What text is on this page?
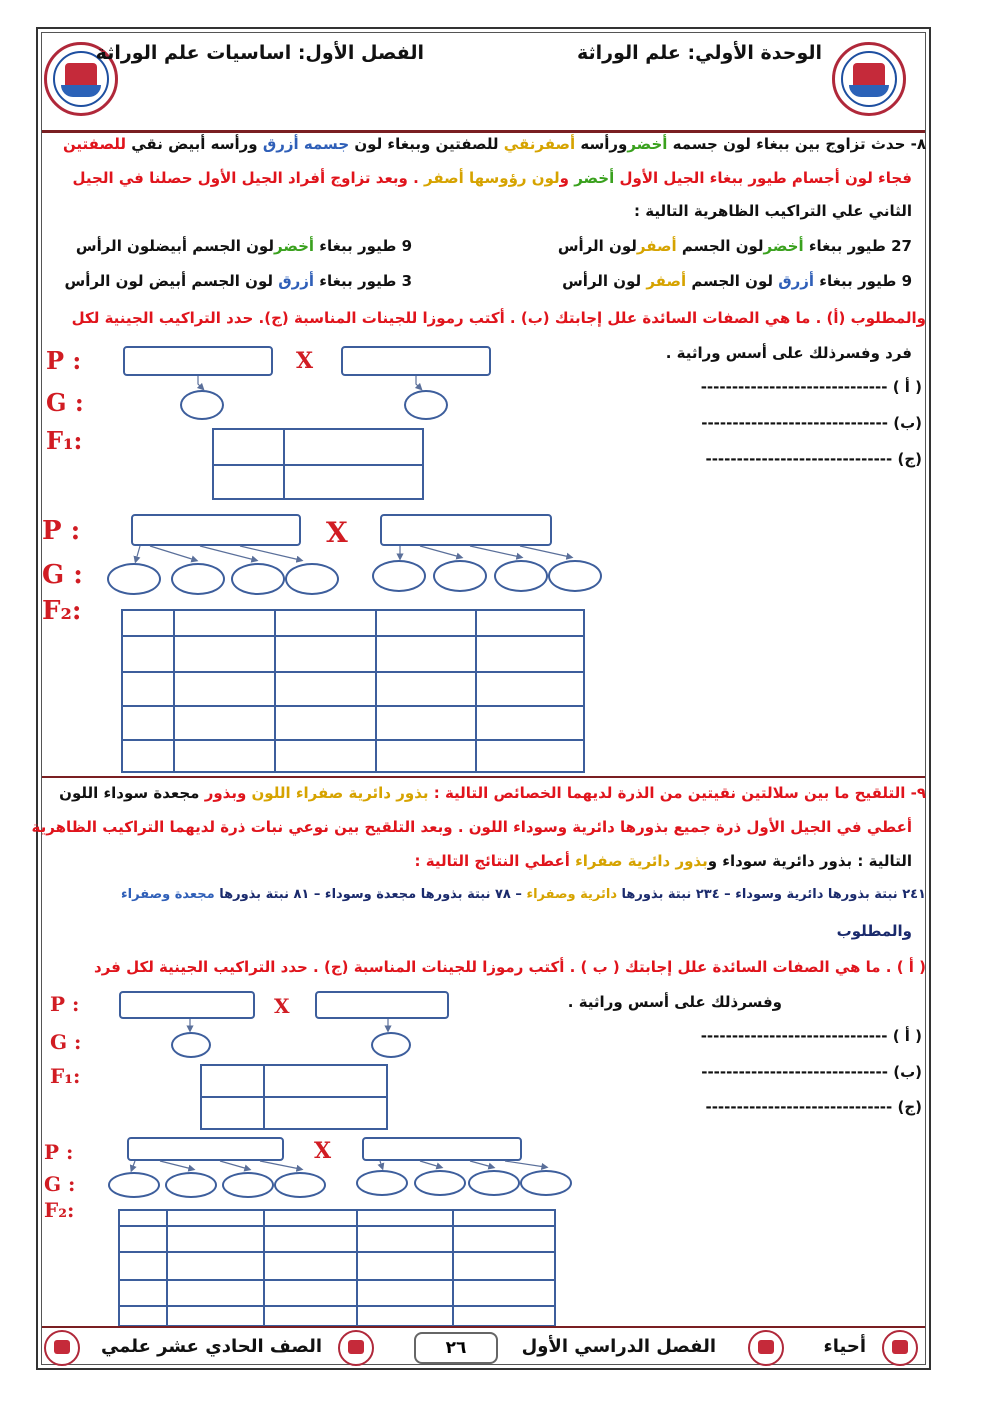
الوحدة الأولي: علم الوراثة
الفصل الأول: اساسيات علم الوراثة
٨- حدث تزاوج بين ببغاء لون جسمه أخضرورأسه أصفرنقي للصفتين وببغاء لون جسمه أزرق ورأسه أبيض نقي للصفتين
فجاء لون أجسام طيور ببغاء الجيل الأول أخضر ولون رؤوسها أصفر . وبعد تزاوج أفراد الجيل الأول حصلنا في الجيل
الثاني علي التراكيب الظاهرية التالية :
27 طيور ببغاء أخضرلون الجسم أصفرلون الرأس
9 طيور ببغاء أخضرلون الجسم أبيضلون الرأس
9 طيور ببغاء أزرق لون الجسم أصفر لون الرأس
3 طيور ببغاء أزرق لون الجسم أبيض لون الرأس
والمطلوب (أ) . ما هي الصفات السائدة علل إجابتك (ب) . أكتب رموزا للجينات المناسبة (ج). حدد التراكيب الجينية لكل
فرد وفسرذلك على أسس وراثية .
( أ ) ------------------------------
(ب) ------------------------------
(ج) ------------------------------
P :
G :
F₁:
X
P :
G :
F₂:
X
٩- التلقيح ما بين سلالتين نقيتين من الذرة لديهما الخصائص التالية : بذور دائرية صفراء اللون وبذور مجعدة سوداء اللون
أعطي في الجيل الأول ذرة جميع بذورها دائرية وسوداء اللون . وبعد التلقيح بين نوعي نبات ذرة لديهما التراكيب الظاهرية
التالية : بذور دائرية سوداء وبذور دائرية صفراء أعطي النتائج التالية :
٢٤١ نبتة بذورها دائرية وسوداء – ٢٣٤ نبتة بذورها دائرية وصفراء – ٧٨ نبتة بذورها مجعدة وسوداء – ٨١ نبتة بذورها مجعدة وصفراء
والمطلوب
( أ ) . ما هي الصفات السائدة علل إجابتك ( ب ) . أكتب رموزا للجينات المناسبة (ج) . حدد التراكيب الجينية لكل فرد
وفسرذلك على أسس وراثية .
( أ ) ------------------------------
(ب) ------------------------------
(ج) ------------------------------
P :
G :
F₁:
X
P :
G :
F₂:
X
أحياء
الفصل الدراسي الأول
٢٦
الصف الحادي عشر علمي
